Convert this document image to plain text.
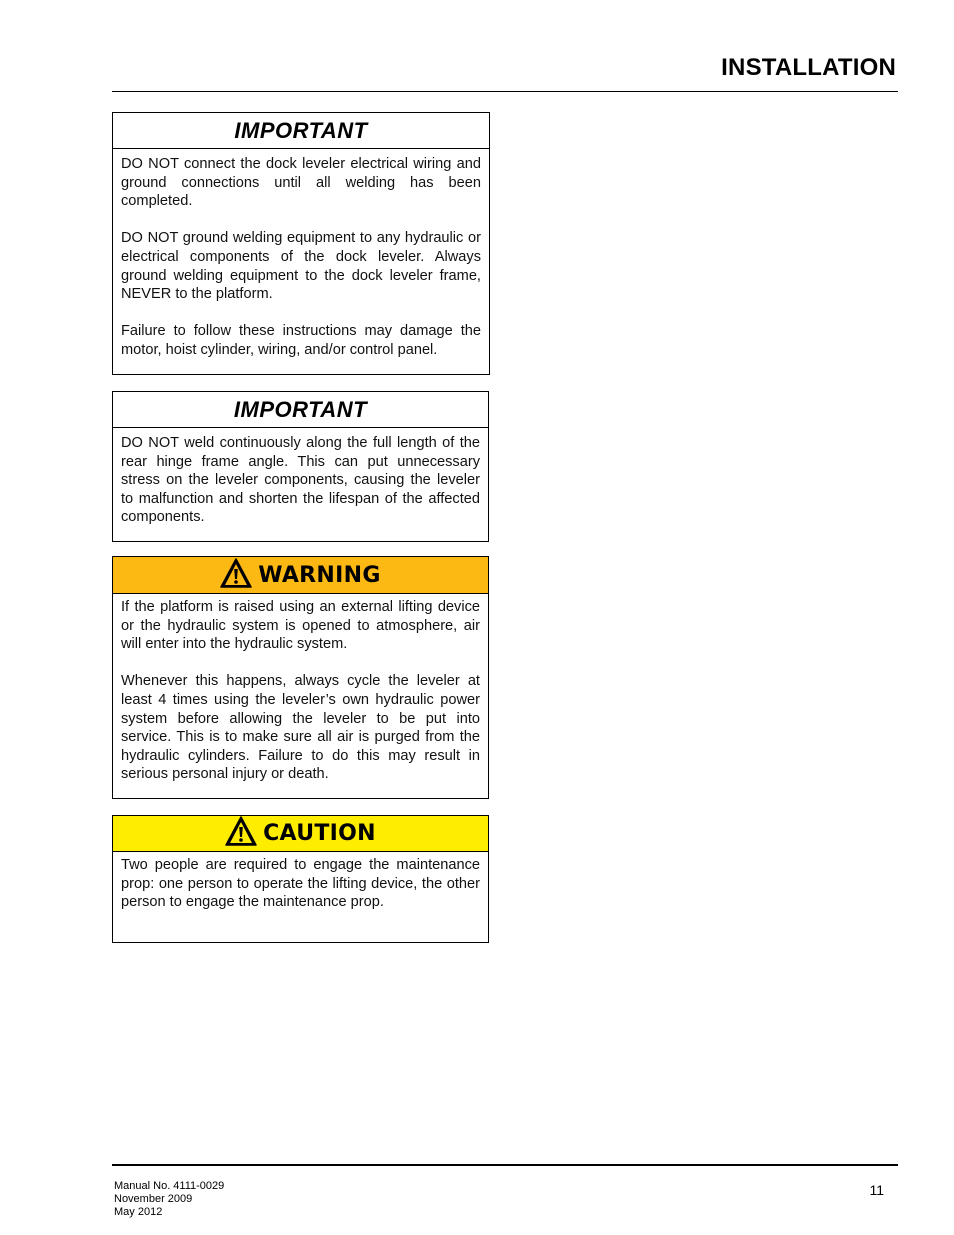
INSTALLATION
IMPORTANT

DO NOT connect the dock leveler electrical wiring and ground connections until all welding has been completed.

DO NOT ground welding equipment to any hydraulic or electrical components of the dock leveler. Always ground welding equipment to the dock leveler frame, NEVER to the platform.

Failure to follow these instructions may damage the motor, hoist cylinder, wiring, and/or control panel.

IMPORTANT

DO NOT weld continuously along the full length of the rear hinge frame angle. This can put unnecessary stress on the leveler components, causing the leveler to malfunction and shorten the lifespan of the affected components.

WARNING

If the platform is raised using an external lifting device or the hydraulic system is opened to atmosphere, air will enter into the hydraulic system.

Whenever this happens, always cycle the leveler at least 4 times using the leveler’s own hydraulic power system before allowing the leveler to be put into service. This is to make sure all air is purged from the hydraulic cylinders. Failure to do this may result in serious personal injury or death.

CAUTION

Two people are required to engage the maintenance prop: one person to operate the lifting device, the other person to engage the maintenance prop.

Manual No. 4111-0029
November 2009
May 2012
11
